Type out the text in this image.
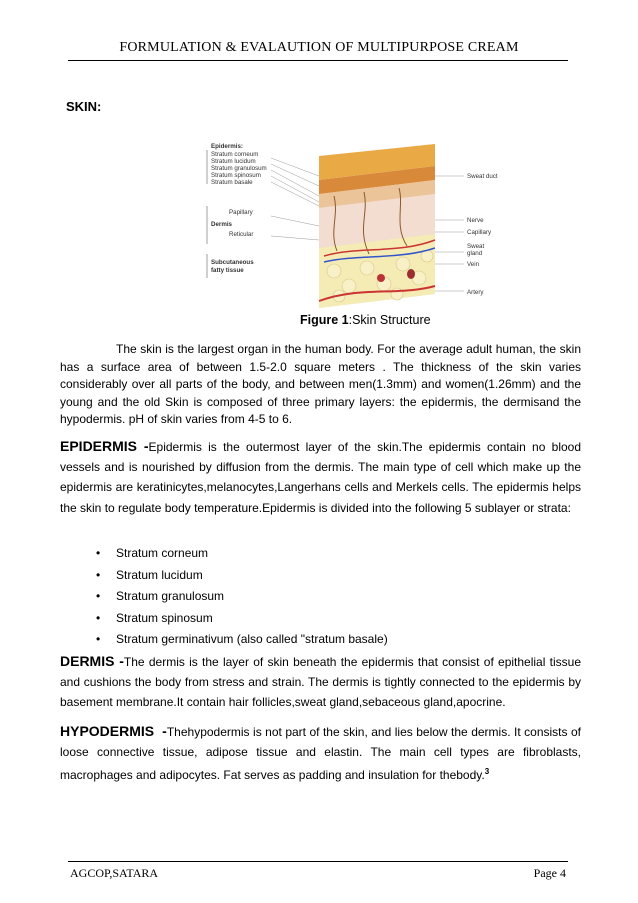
FORMULATION & EVALAUTION OF MULTIPURPOSE CREAM
SKIN:
Epidermis:
Stratum corneum
Stratum lucidum
Stratum granulosum
Stratum spinosum
Stratum basale
Papillary
Dermis
Reticular
Subcutaneous
fatty tissue
Sweat duct
Nerve
Capillary
Sweat
gland
Vein
Artery
Figure 1:Skin Structure
The skin is the largest organ in the human body. For the average adult human, the skin has a surface area of between 1.5-2.0 square meters . The thickness of the skin varies considerably over all parts of the body, and between men(1.3mm) and women(1.26mm) and the young and the old Skin is composed of three primary layers: the epidermis, the dermisand the hypodermis. pH of skin varies from 4-5 to 6.
EPIDERMIS -Epidermis is the outermost layer of the skin.The epidermis contain no blood vessels and is nourished by diffusion from the dermis. The main type of cell which make up the epidermis are keratinicytes,melanocytes,Langerhans cells and Merkels cells. The epidermis helps the skin to regulate body temperature.Epidermis is divided into the following 5 sublayer or strata:
• Stratum corneum
• Stratum lucidum
• Stratum granulosum
• Stratum spinosum
• Stratum germinativum (also called "stratum basale)
DERMIS -The dermis is the layer of skin beneath the epidermis that consist of epithelial tissue and cushions the body from stress and strain. The dermis is tightly connected to the epidermis by basement membrane.It contain hair follicles,sweat gland,sebaceous gland,apocrine.
HYPODERMIS  -Thehypodermis is not part of the skin, and lies below the dermis. It consists of loose connective tissue, adipose tissue and elastin. The main cell types are fibroblasts, macrophages and adipocytes. Fat serves as padding and insulation for thebody.$^3$
AGCOP,SATARA	Page 4
